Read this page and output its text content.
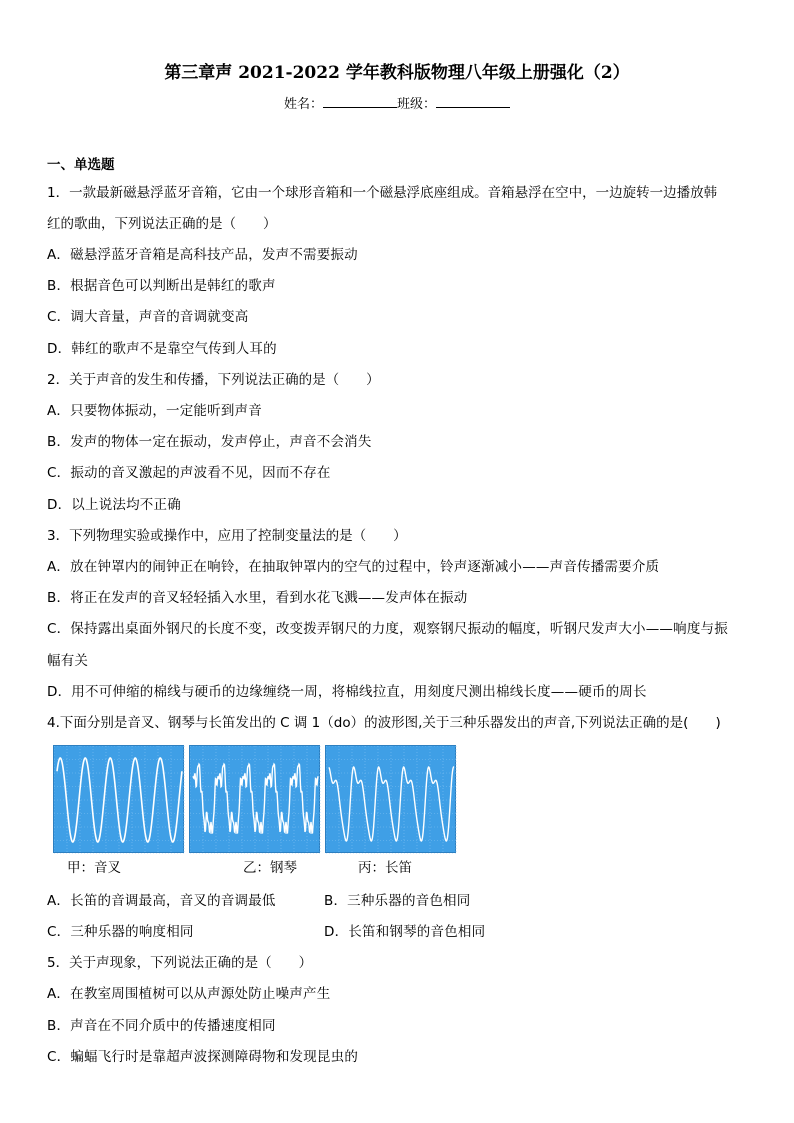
第三章声 2021-2022 学年教科版物理八年级上册强化（2）
姓名：	班级：
一、单选题
1．一款最新磁悬浮蓝牙音箱，它由一个球形音箱和一个磁悬浮底座组成。音箱悬浮在空中，一边旋转一边播放韩
红的歌曲，下列说法正确的是（　　）
A．磁悬浮蓝牙音箱是高科技产品，发声不需要振动
B．根据音色可以判断出是韩红的歌声
C．调大音量，声音的音调就变高
D．韩红的歌声不是靠空气传到人耳的
2．关于声音的发生和传播，下列说法正确的是（　　）
A．只要物体振动，一定能听到声音
B．发声的物体一定在振动，发声停止，声音不会消失
C．振动的音叉激起的声波看不见，因而不存在
D．以上说法均不正确
3．下列物理实验或操作中，应用了控制变量法的是（　　）
A．放在钟罩内的闹钟正在响铃，在抽取钟罩内的空气的过程中，铃声逐渐减小——声音传播需要介质
B．将正在发声的音叉轻轻插入水里，看到水花飞溅——发声体在振动
C．保持露出桌面外钢尺的长度不变，改变拨弄钢尺的力度，观察钢尺振动的幅度，听钢尺发声大小——响度与振
幅有关
D．用不可伸缩的棉线与硬币的边缘缠绕一周，将棉线拉直，用刻度尺测出棉线长度——硬币的周长
4.下面分别是音叉、钢琴与长笛发出的 C 调 1（do）的波形图,关于三种乐器发出的声音,下列说法正确的是(　　)
甲：音叉	乙：钢琴	丙：长笛
A．长笛的音调最高，音叉的音调最低	B．三种乐器的音色相同
C．三种乐器的响度相同	D．长笛和钢琴的音色相同
5．关于声现象，下列说法正确的是（　　）
A．在教室周围植树可以从声源处防止噪声产生
B．声音在不同介质中的传播速度相同
C．蝙蝠飞行时是靠超声波探测障碍物和发现昆虫的
